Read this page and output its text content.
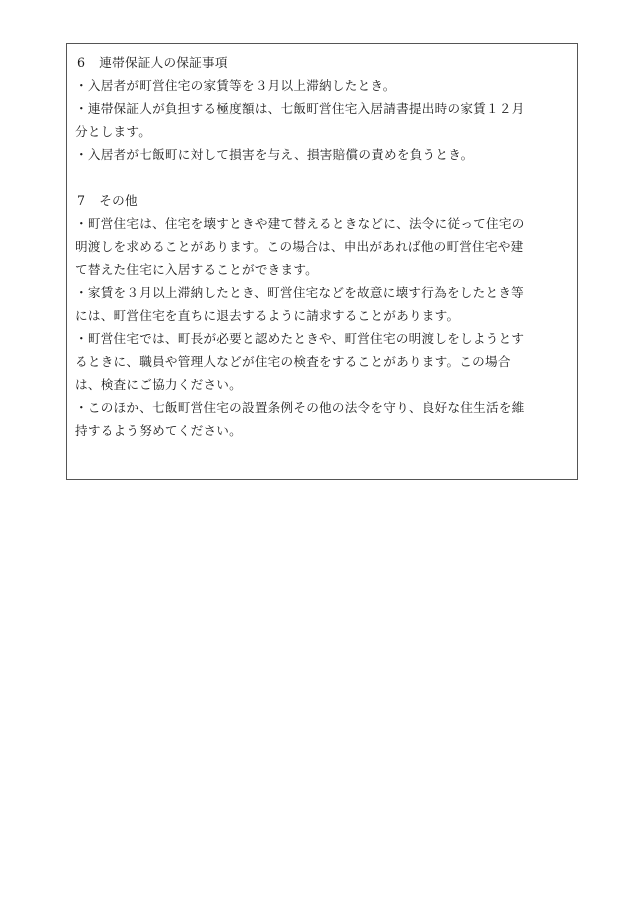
6 連帯保証人の保証事項
・入居者が町営住宅の家賃等を３月以上滞納したとき。
・連帯保証人が負担する極度額は、七飯町営住宅入居請書提出時の家賃１２月
分とします。
・入居者が七飯町に対して損害を与え、損害賠償の責めを負うとき。
7 その他
・町営住宅は、住宅を壊すときや建て替えるときなどに、法令に従って住宅の
明渡しを求めることがあります。この場合は、申出があれば他の町営住宅や建
て替えた住宅に入居することができます。
・家賃を３月以上滞納したとき、町営住宅などを故意に壊す行為をしたとき等
には、町営住宅を直ちに退去するように請求することがあります。
・町営住宅では、町長が必要と認めたときや、町営住宅の明渡しをしようとす
るときに、職員や管理人などが住宅の検査をすることがあります。この場合
は、検査にご協力ください。
・このほか、七飯町営住宅の設置条例その他の法令を守り、良好な住生活を維
持するよう努めてください。
